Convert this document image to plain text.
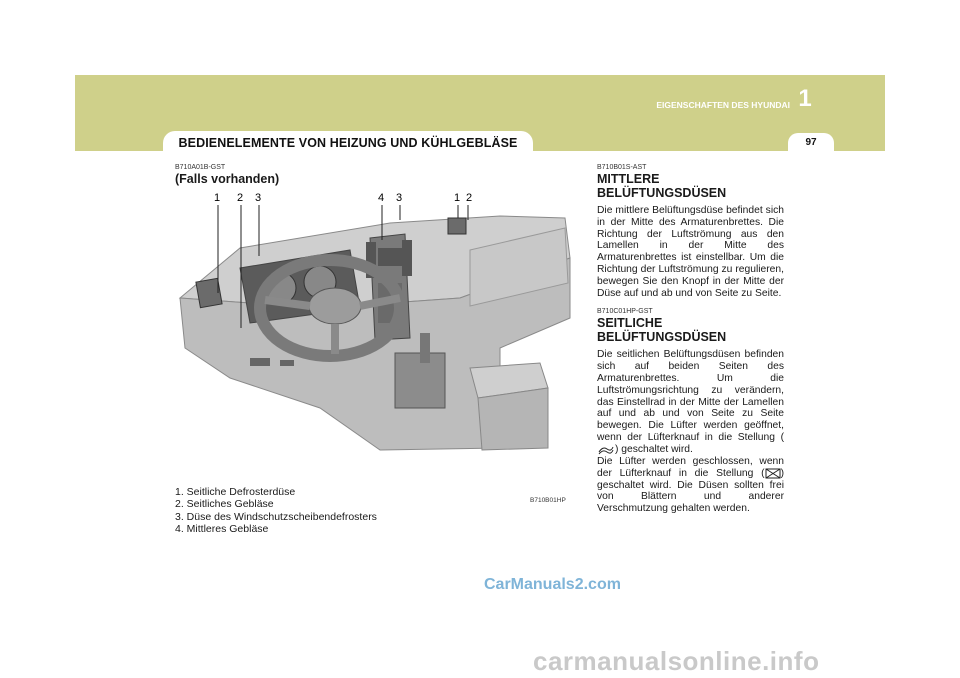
BEDIENELEMENTE VON HEIZUNG UND KÜHLGEBLÄSE
EIGENSCHAFTEN DES HYUNDAI 1
97
B710A01B-GST
(Falls vorhanden)
1 2 3	4 3	1 2
1. Seitliche Defrosterdüse
2. Seitliches Gebläse
3. Düse des Windschutzscheibendefrosters
4. Mittleres Gebläse
B710B01HP
B710B01S-AST
MITTLERE
BELÜFTUNGSDÜSEN
Die mittlere Belüftungsdüse befindet sich in der Mitte des Armaturenbrettes. Die Richtung der Luftströmung aus den Lamellen in der Mitte des Armaturenbrettes ist einstellbar. Um die Richtung der Luftströmung zu regulieren, bewegen Sie den Knopf in der Mitte der Düse auf und ab und von Seite zu Seite.
B710C01HP-GST
SEITLICHE
BELÜFTUNGSDÜSEN
Die seitlichen Belüftungsdüsen befinden sich auf beiden Seiten des Armaturenbrettes. Um die Luftströmungsrichtung zu verändern, das Einstellrad in der Mitte der Lamellen auf und ab und von Seite zu Seite bewegen. Die Lüfter werden geöffnet, wenn der Lüfterknauf in die Stellung () geschaltet wird.
Die Lüfter werden geschlossen, wenn der Lüfterknauf in die Stellung ( ) geschaltet wird. Die Düsen sollten frei von Blättern und anderer Verschmutzung gehalten werden.
CarManuals2.com
carmanualsonline.info
